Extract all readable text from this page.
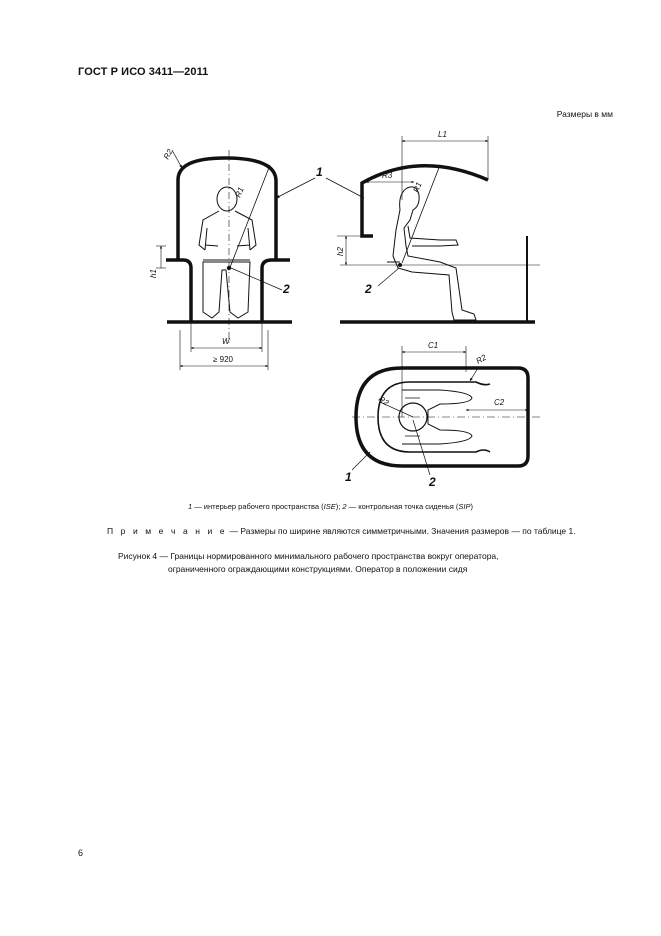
ГОСТ Р ИСО 3411—2011
Размеры в мм
1
2	2
1	2
R2
R1
h1
W
≥ 920
L1
R3
R1
h2
C1
C2
R2
R2
1 — интерьер рабочего пространства (ISE); 2 — контрольная точка сиденья (SIP)
П р и м е ч а н и е — Размеры по ширине являются симметричными. Значения размеров — по таблице 1.
Рисунок 4 — Границы нормированного минимального рабочего пространства вокруг оператора,
ограниченного ограждающими конструкциями. Оператор в положении сидя
6
